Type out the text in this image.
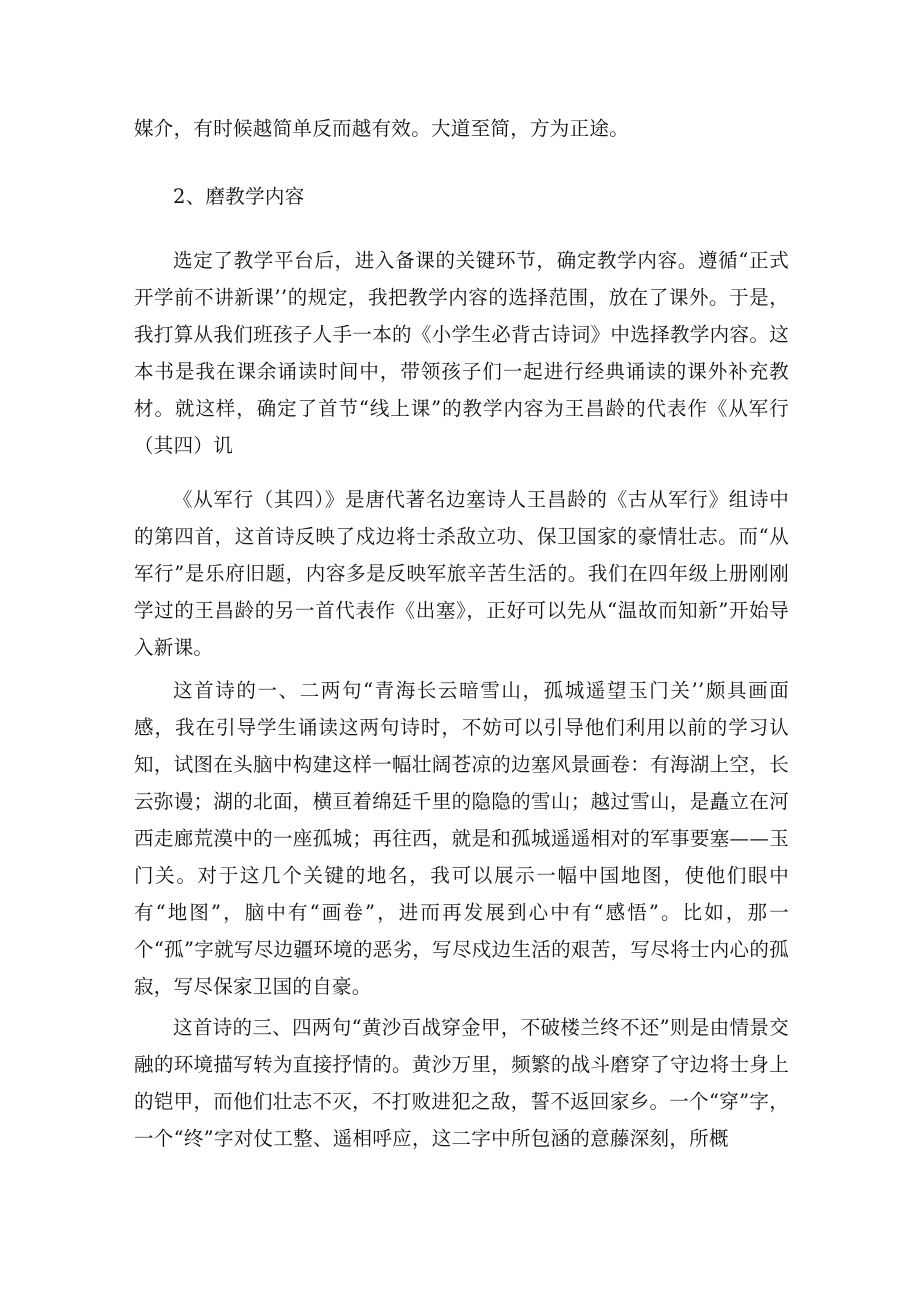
媒介，有时候越简单反而越有效。大道至简，方为正途。

2、磨教学内容

选定了教学平台后，进入备课的关键环节，确定教学内容。遵循“正式开学前不讲新课’’的规定，我把教学内容的选择范围，放在了课外。于是，我打算从我们班孩子人手一本的《小学生必背古诗词》中选择教学内容。这本书是我在课余诵读时间中，带领孩子们一起进行经典诵读的课外补充教材。就这样，确定了首节“线上课”的教学内容为王昌龄的代表作《从军行（其四）讥

《从军行（其四）》是唐代著名边塞诗人王昌龄的《古从军行》组诗中的第四首，这首诗反映了戍边将士杀敌立功、保卫国家的豪情壮志。而“从军行”是乐府旧题，内容多是反映军旅辛苦生活的。我们在四年级上册刚刚学过的王昌龄的另一首代表作《出塞》，正好可以先从“温故而知新”开始导入新课。

这首诗的一、二两句“青海长云暗雪山，孤城遥望玉门关’’颇具画面感，我在引导学生诵读这两句诗时，不妨可以引导他们利用以前的学习认知，试图在头脑中构建这样一幅壮阔苍凉的边塞风景画卷：有海湖上空，长云弥谩；湖的北面，横亘着绵廷千里的隐隐的雪山；越过雪山，是矗立在河西走廊荒漠中的一座孤城；再往西，就是和孤城遥遥相对的军事要塞——玉门关。对于这几个关键的地名，我可以展示一幅中国地图，使他们眼中有“地图”，脑中有“画卷”，进而再发展到心中有“感悟”。比如，那一个“孤”字就写尽边疆环境的恶劣，写尽戍边生活的艰苦，写尽将士内心的孤寂，写尽保家卫国的自豪。

这首诗的三、四两句“黄沙百战穿金甲，不破楼兰终不还”则是由情景交融的环境描写转为直接抒情的。黄沙万里，频繁的战斗磨穿了守边将士身上的铠甲，而他们壮志不灭，不打败进犯之敌，誓不返回家乡。一个“穿”字，一个“终”字对仗工整、遥相呼应，这二字中所包涵的意藤深刻，所概
